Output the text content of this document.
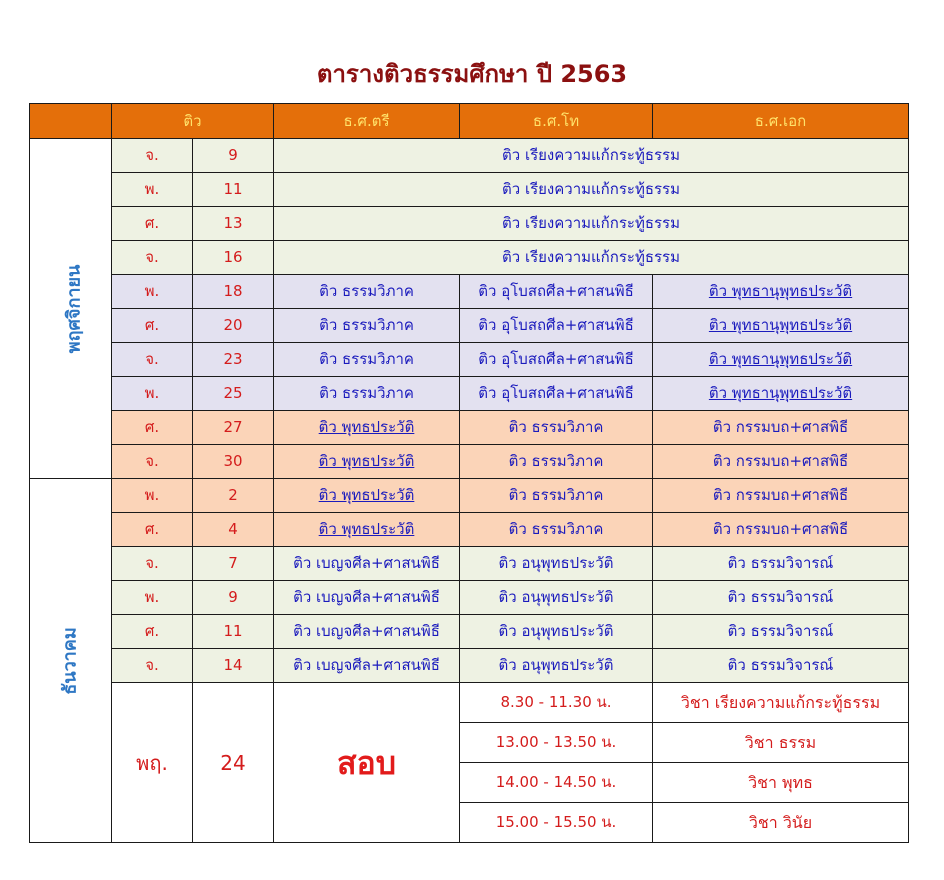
ตารางติวธรรมศึกษา ปี 2563
	ติว		ธ.ศ.ตรี	ธ.ศ.โท	ธ.ศ.เอก
พฤศจิกายน	จ.	9	ติว เรียงความแก้กระทู้ธรรม		
	พ.	11	ติว เรียงความแก้กระทู้ธรรม		
	ศ.	13	ติว เรียงความแก้กระทู้ธรรม		
	จ.	16	ติว เรียงความแก้กระทู้ธรรม		
	พ.	18	ติว ธรรมวิภาค	ติว อุโบสถศีล+ศาสนพิธี	ติว พุทธานุพุทธประวัติ
	ศ.	20	ติว ธรรมวิภาค	ติว อุโบสถศีล+ศาสนพิธี	ติว พุทธานุพุทธประวัติ
	จ.	23	ติว ธรรมวิภาค	ติว อุโบสถศีล+ศาสนพิธี	ติว พุทธานุพุทธประวัติ
	พ.	25	ติว ธรรมวิภาค	ติว อุโบสถศีล+ศาสนพิธี	ติว พุทธานุพุทธประวัติ
	ศ.	27	ติว พุทธประวัติ	ติว ธรรมวิภาค	ติว กรรมบถ+ศาสพิธี
	จ.	30	ติว พุทธประวัติ	ติว ธรรมวิภาค	ติว กรรมบถ+ศาสพิธี
ธันวาคม	พ.	2	ติว พุทธประวัติ	ติว ธรรมวิภาค	ติว กรรมบถ+ศาสพิธี
	ศ.	4	ติว พุทธประวัติ	ติว ธรรมวิภาค	ติว กรรมบถ+ศาสพิธี
	จ.	7	ติว เบญจศีล+ศาสนพิธี	ติว อนุพุทธประวัติ	ติว ธรรมวิจารณ์
	พ.	9	ติว เบญจศีล+ศาสนพิธี	ติว อนุพุทธประวัติ	ติว ธรรมวิจารณ์
	ศ.	11	ติว เบญจศีล+ศาสนพิธี	ติว อนุพุทธประวัติ	ติว ธรรมวิจารณ์
	จ.	14	ติว เบญจศีล+ศาสนพิธี	ติว อนุพุทธประวัติ	ติว ธรรมวิจารณ์
	พฤ.	24	สอบ	8.30 - 11.30 น.	วิชา เรียงความแก้กระทู้ธรรม
				13.00 - 13.50 น.	วิชา ธรรม
				14.00 - 14.50 น.	วิชา พุทธ
				15.00 - 15.50 น.	วิชา วินัย
